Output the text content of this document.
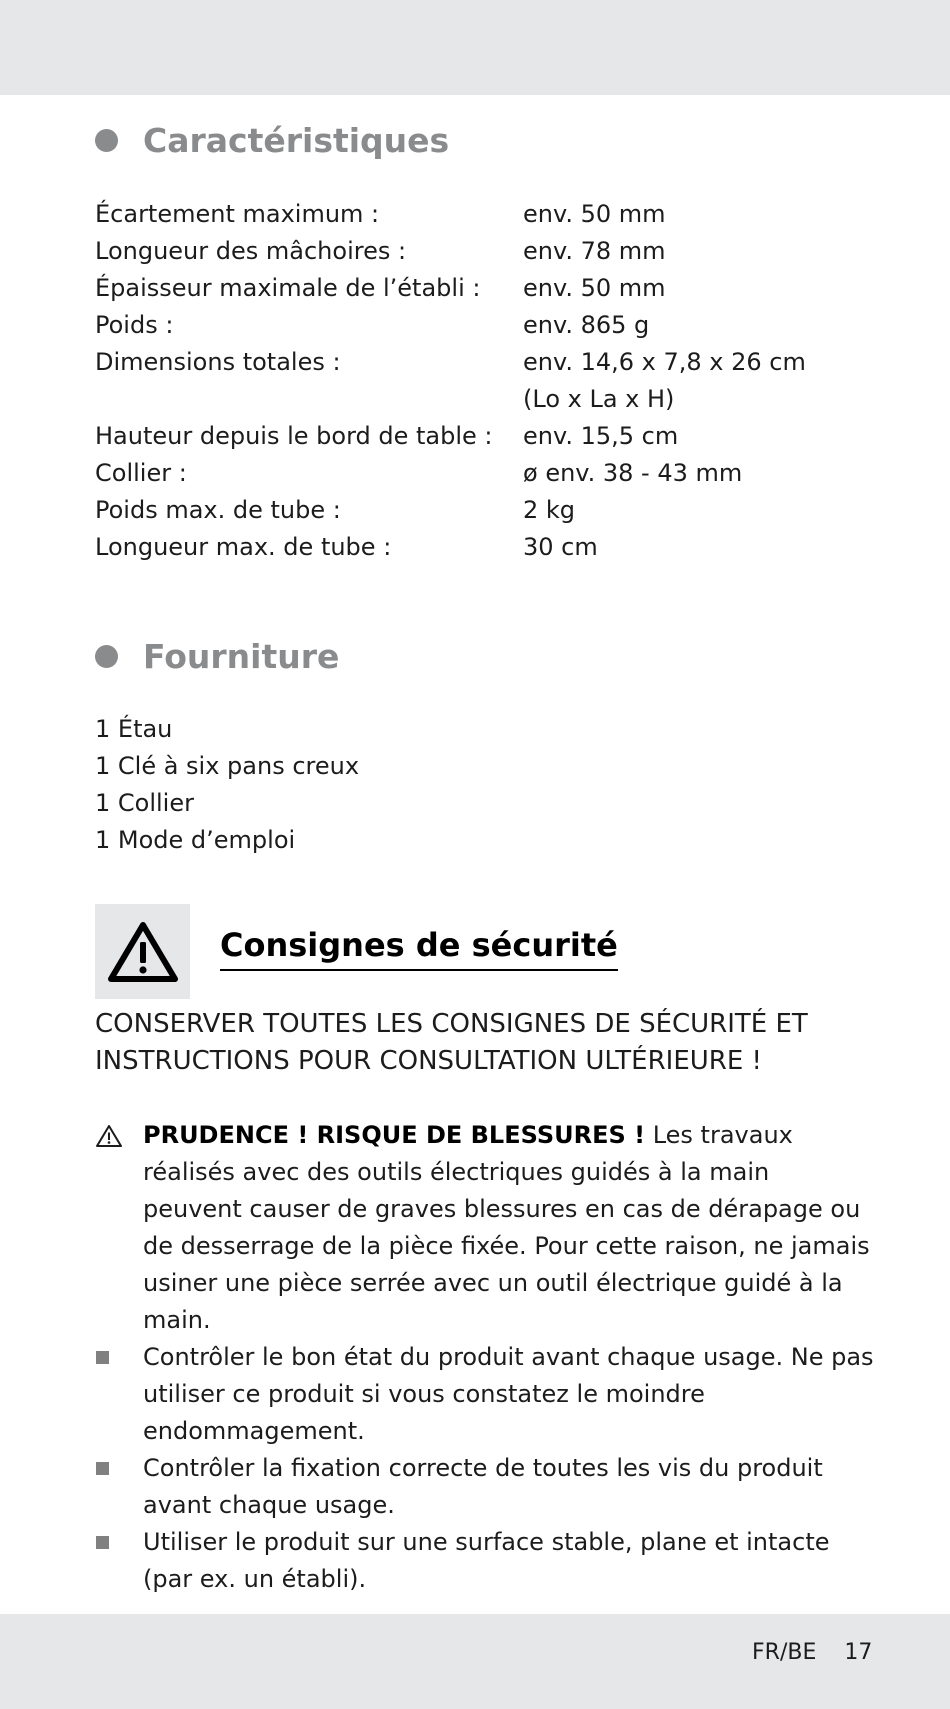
Caractéristiques
Écartement maximum :	env. 50 mm
Longueur des mâchoires :	env. 78 mm
Épaisseur maximale de l’établi : env. 50 mm
Poids :	env. 865 g
Dimensions totales :	env. 14,6 x 7,8 x 26 cm
(Lo x La x H)
Hauteur depuis le bord de table : env. 15,5 cm
Collier :	ø env. 38 - 43 mm
Poids max. de tube :	2 kg
Longueur max. de tube :	30 cm
Fourniture
1 Étau
1 Clé à six pans creux
1 Collier
1 Mode d’emploi
Consignes de sécurité
CONSERVER TOUTES LES CONSIGNES DE SÉCURITÉ ET INSTRUCTIONS POUR CONSULTATION ULTÉRIEURE !
PRUDENCE ! RISQUE DE BLESSURES ! Les travaux réalisés avec des outils électriques guidés à la main peuvent causer de graves blessures en cas de dérapage ou de desserrage de la pièce fixée. Pour cette raison, ne jamais usiner une pièce serrée avec un outil électrique guidé à la main.
Contrôler le bon état du produit avant chaque usage. Ne pas utiliser ce produit si vous constatez le moindre endommagement.
Contrôler la fixation correcte de toutes les vis du produit avant chaque usage.
Utiliser le produit sur une surface stable, plane et intacte (par ex. un établi).
FR/BE 17
